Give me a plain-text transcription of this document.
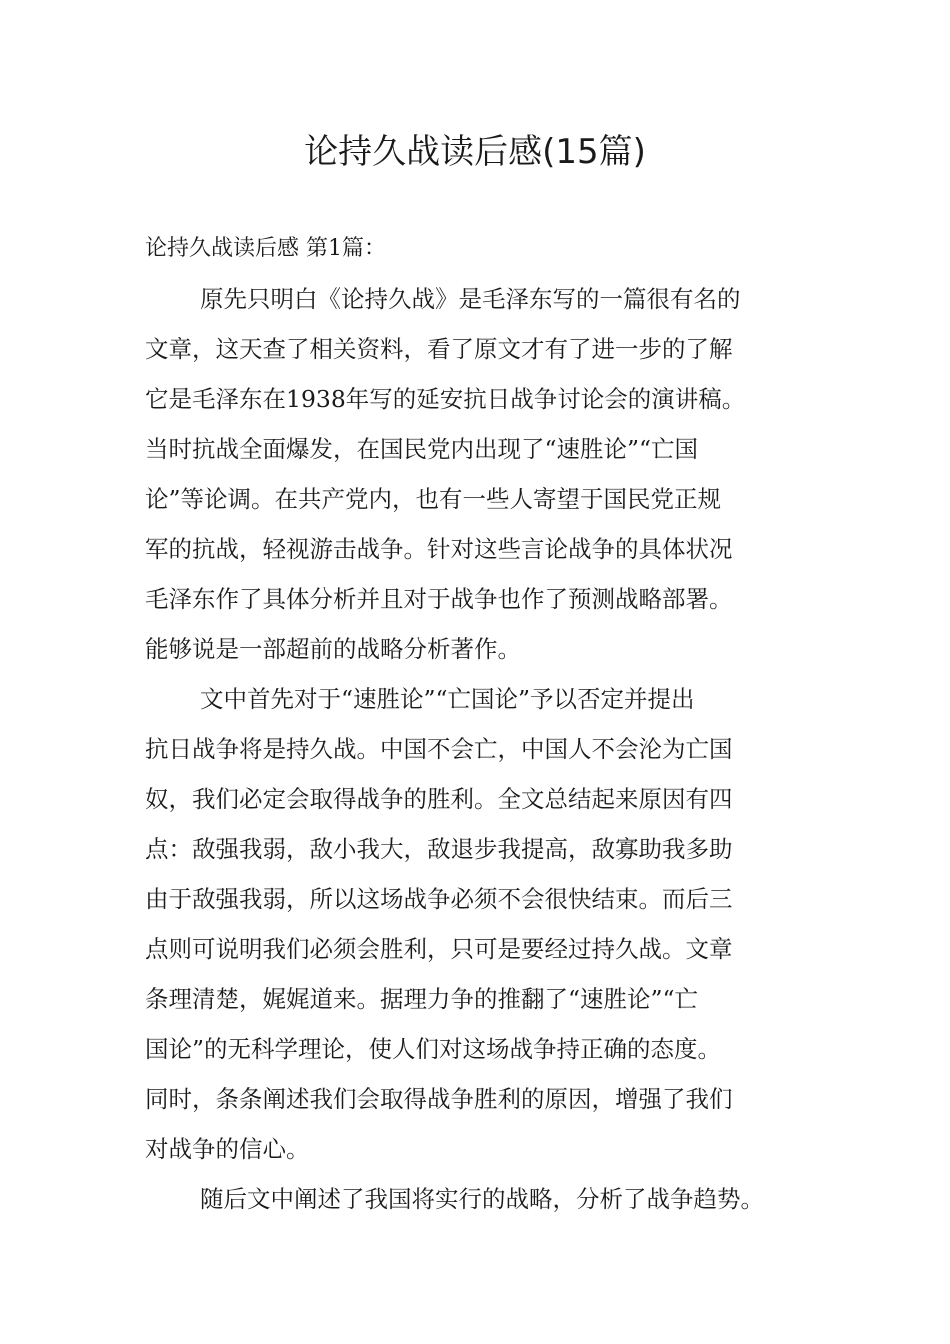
论持久战读后感(15篇)

论持久战读后感 第1篇：

原先只明白《论持久战》是毛泽东写的一篇很有名的

文章，这天查了相关资料，看了原文才有了进一步的了解

它是毛泽东在1938年写的延安抗日战争讨论会的演讲稿。

当时抗战全面爆发，在国民党内出现了“速胜论”“亡国

论”等论调。在共产党内，也有一些人寄望于国民党正规

军的抗战，轻视游击战争。针对这些言论战争的具体状况

毛泽东作了具体分析并且对于战争也作了预测战略部署。

能够说是一部超前的战略分析著作。

文中首先对于“速胜论”“亡国论”予以否定并提出

抗日战争将是持久战。中国不会亡，中国人不会沦为亡国

奴，我们必定会取得战争的胜利。全文总结起来原因有四

点：敌强我弱，敌小我大，敌退步我提高，敌寡助我多助

由于敌强我弱，所以这场战争必须不会很快结束。而后三

点则可说明我们必须会胜利，只可是要经过持久战。文章

条理清楚，娓娓道来。据理力争的推翻了“速胜论”“亡

国论”的无科学理论，使人们对这场战争持正确的态度。

同时，条条阐述我们会取得战争胜利的原因，增强了我们

对战争的信心。

随后文中阐述了我国将实行的战略，分析了战争趋势。
